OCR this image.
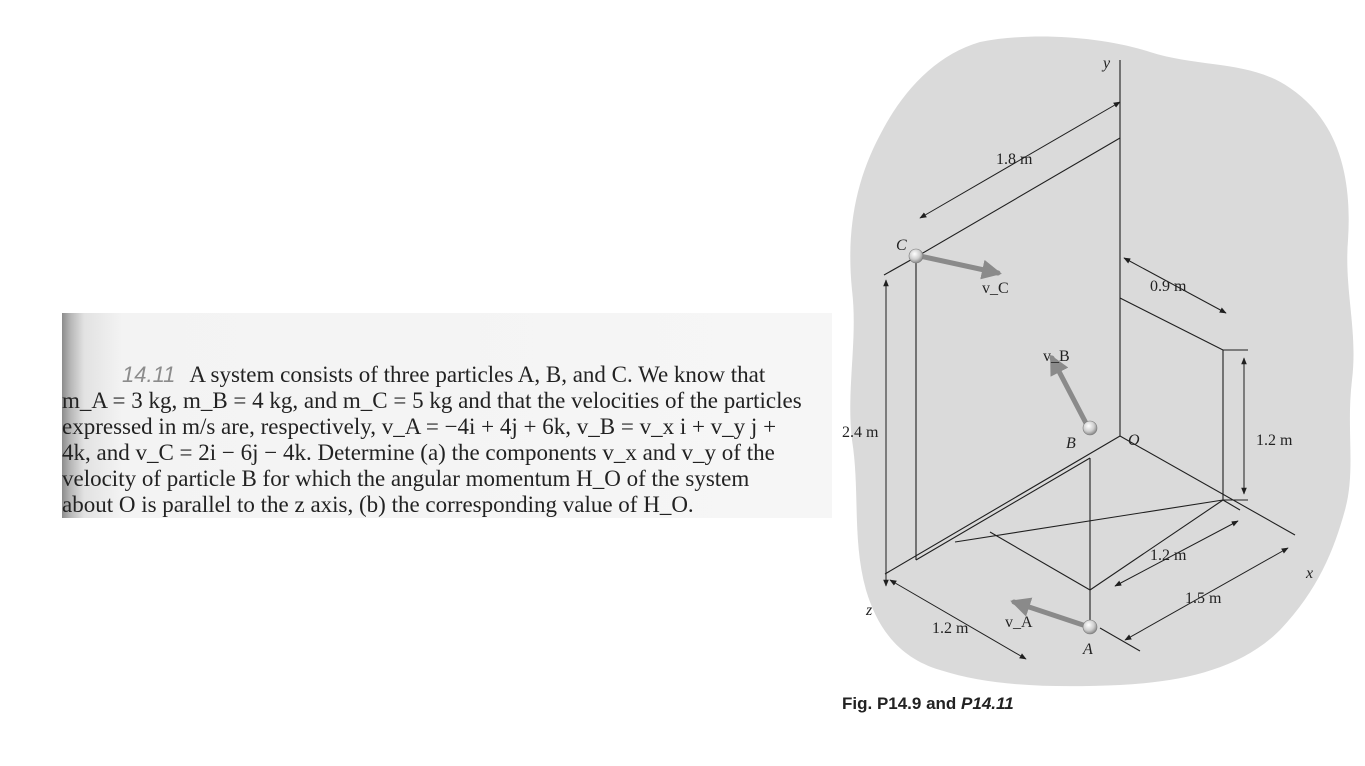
14.11 A system consists of three particles A, B, and C. We know that
m_A = 3 kg, m_B = 4 kg, and m_C = 5 kg and that the velocities of the particles
expressed in m/s are, respectively, v_A = −4i + 4j + 6k, v_B = v_x i + v_y j +
4k, and v_C = 2i − 6j − 4k. Determine (a) the components v_x and v_y of the
velocity of particle B for which the angular momentum H_O of the system
about O is parallel to the z axis, (b) the corresponding value of H_O.
y
x
z
C
B
A
O
v_C
v_B
v_A
1.8 m
0.9 m
2.4 m	1.2 m
1.2 m
1.5 m
1.2 m
Fig. P14.9 and P14.11
